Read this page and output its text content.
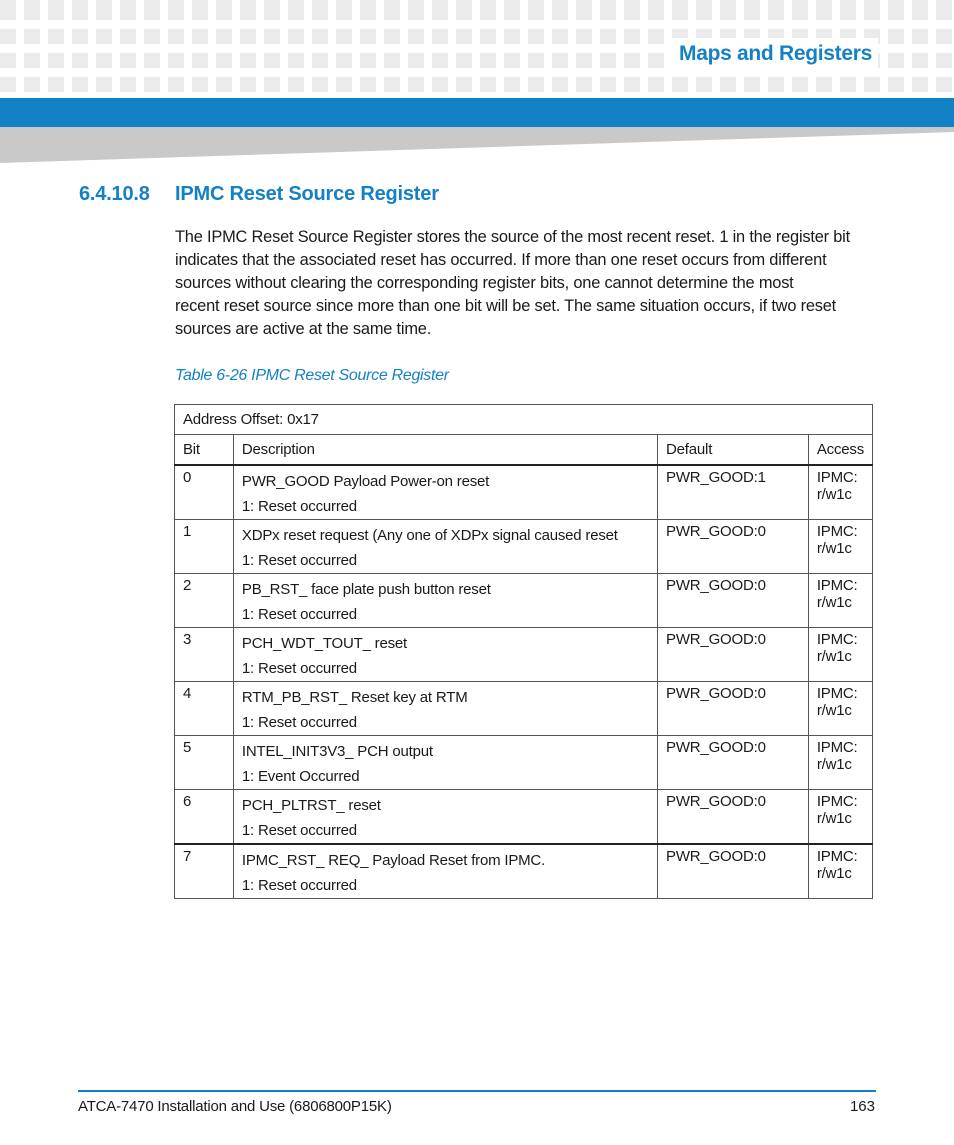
Maps and Registers
6.4.10.8 IPMC Reset Source Register
The IPMC Reset Source Register stores the source of the most recent reset. 1 in the register bit
indicates that the associated reset has occurred. If more than one reset occurs from different
sources without clearing the corresponding register bits, one cannot determine the most
recent reset source since more than one bit will be set. The same situation occurs, if two reset
sources are active at the same time.
Table 6-26 IPMC Reset Source Register
Address Offset: 0x17			
Bit	Description	Default	Access
0	PWR_GOOD Payload Power-on reset
1: Reset occurred	PWR_GOOD:1	IPMC: r/w1c
1	XDPx reset request (Any one of XDPx signal caused reset
1: Reset occurred	PWR_GOOD:0	IPMC: r/w1c
2	PB_RST_ face plate push button reset
1: Reset occurred	PWR_GOOD:0	IPMC: r/w1c
3	PCH_WDT_TOUT_ reset
1: Reset occurred	PWR_GOOD:0	IPMC: r/w1c
4	RTM_PB_RST_ Reset key at RTM
1: Reset occurred	PWR_GOOD:0	IPMC: r/w1c
5	INTEL_INIT3V3_ PCH output
1: Event Occurred	PWR_GOOD:0	IPMC: r/w1c
6	PCH_PLTRST_ reset
1: Reset occurred	PWR_GOOD:0	IPMC: r/w1c
7	IPMC_RST_ REQ_ Payload Reset from IPMC.
1: Reset occurred	PWR_GOOD:0	IPMC: r/w1c
ATCA-7470 Installation and Use (6806800P15K)	163
